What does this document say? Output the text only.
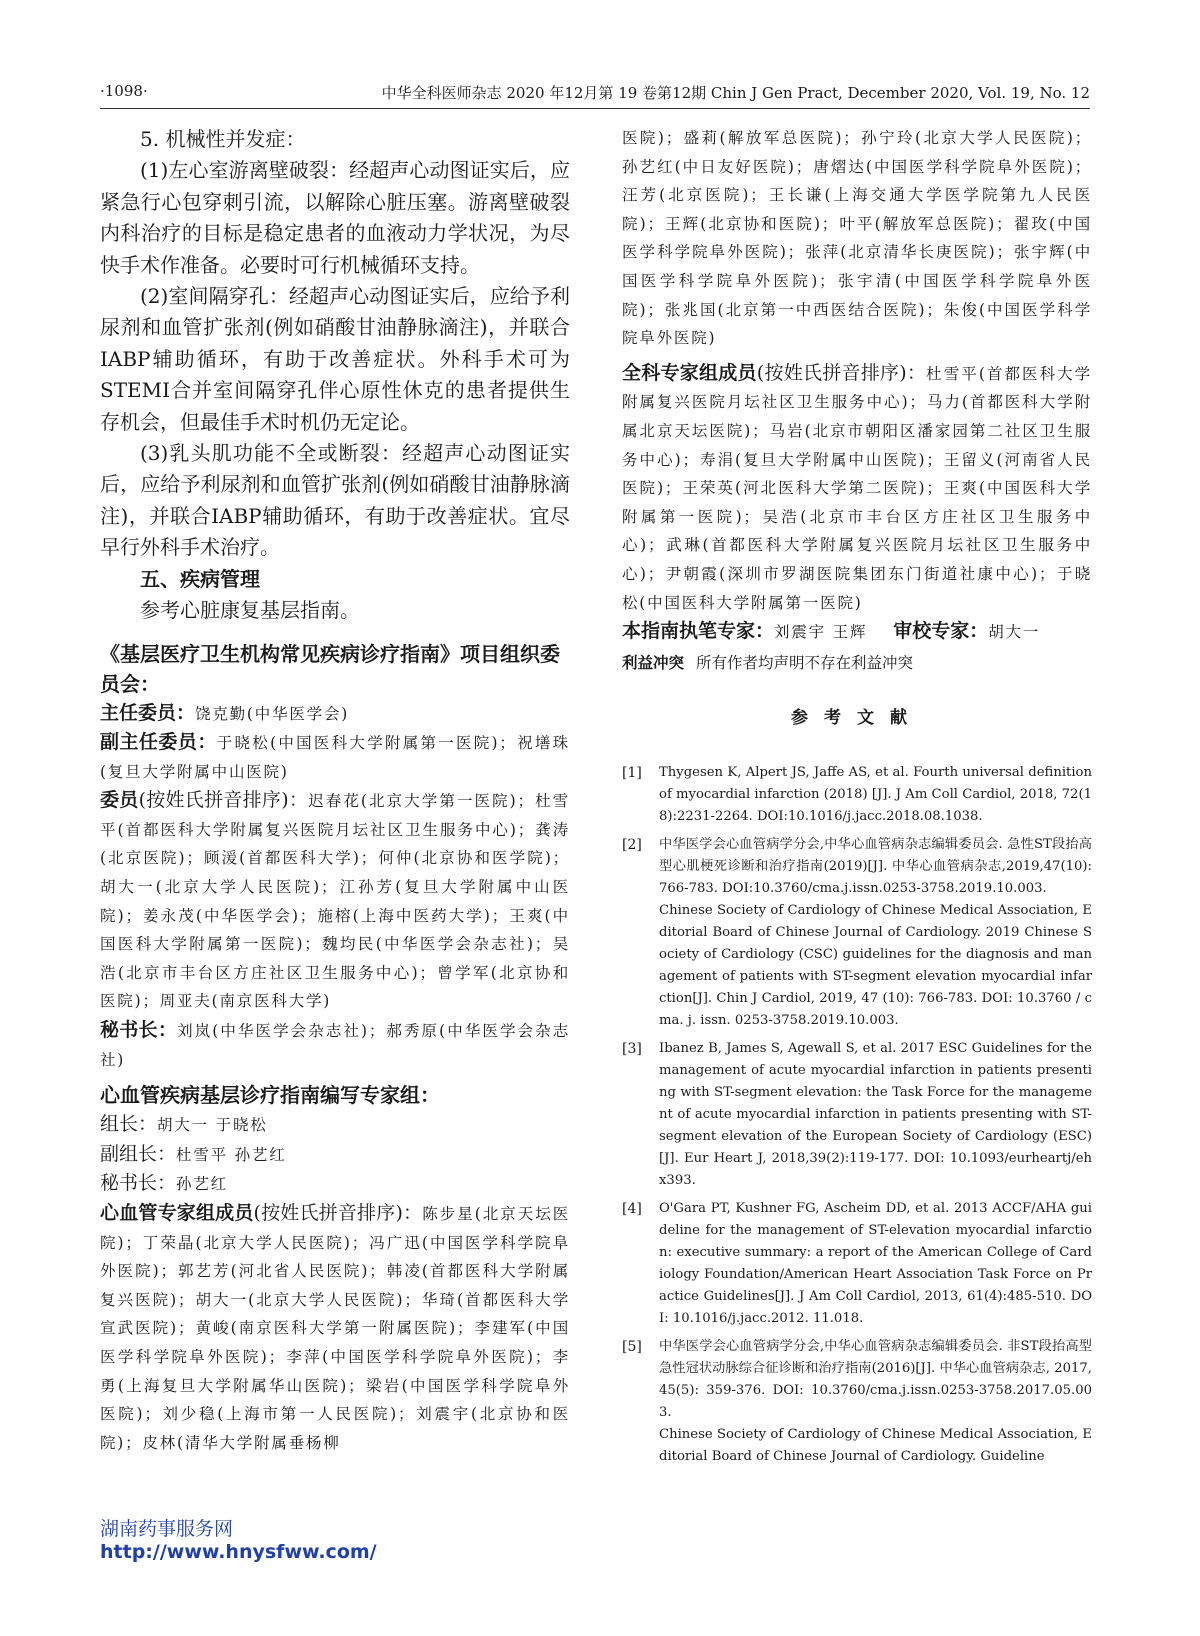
·1098·	中华全科医师杂志 2020 年12月第 19 卷第12期 Chin J Gen Pract, December 2020, Vol. 19, No. 12

5. 机械性并发症：

(1)左心室游离壁破裂：经超声心动图证实后，应紧急行心包穿刺引流，以解除心脏压塞。游离壁破裂内科治疗的目标是稳定患者的血液动力学状况，为尽快手术作准备。必要时可行机械循环支持。

(2)室间隔穿孔：经超声心动图证实后，应给予利尿剂和血管扩张剂(例如硝酸甘油静脉滴注)，并联合IABP辅助循环，有助于改善症状。外科手术可为STEMI合并室间隔穿孔伴心原性休克的患者提供生存机会，但最佳手术时机仍无定论。

(3)乳头肌功能不全或断裂：经超声心动图证实后，应给予利尿剂和血管扩张剂(例如硝酸甘油静脉滴注)，并联合IABP辅助循环，有助于改善症状。宜尽早行外科手术治疗。

五、疾病管理

参考心脏康复基层指南。

《基层医疗卫生机构常见疾病诊疗指南》项目组织委员会：

主任委员：饶克勤(中华医学会)

副主任委员：于晓松(中国医科大学附属第一医院)；祝墡珠(复旦大学附属中山医院)

委员(按姓氏拼音排序)：迟春花(北京大学第一医院)；杜雪平(首都医科大学附属复兴医院月坛社区卫生服务中心)；龚涛(北京医院)；顾湲(首都医科大学)；何仲(北京协和医学院)；胡大一(北京大学人民医院)；江孙芳(复旦大学附属中山医院)；姜永茂(中华医学会)；施榕(上海中医药大学)；王爽(中国医科大学附属第一医院)；魏均民(中华医学会杂志社)；吴浩(北京市丰台区方庄社区卫生服务中心)；曾学军(北京协和医院)；周亚夫(南京医科大学)

秘书长：刘岚(中华医学会杂志社)；郝秀原(中华医学会杂志社)

心血管疾病基层诊疗指南编写专家组：

组长：胡大一 于晓松

副组长：杜雪平 孙艺红

秘书长：孙艺红

心血管专家组成员(按姓氏拼音排序)：陈步星(北京天坛医院)；丁荣晶(北京大学人民医院)；冯广迅(中国医学科学院阜外医院)；郭艺芳(河北省人民医院)；韩凌(首都医科大学附属复兴医院)；胡大一(北京大学人民医院)；华琦(首都医科大学宣武医院)；黄峻(南京医科大学第一附属医院)；李建军(中国医学科学院阜外医院)；李萍(中国医学科学院阜外医院)；李勇(上海复旦大学附属华山医院)；梁岩(中国医学科学院阜外医院)；刘少稳(上海市第一人民医院)；刘震宇(北京协和医院)；皮林(清华大学附属垂杨柳

医院)；盛莉(解放军总医院)；孙宁玲(北京大学人民医院)；孙艺红(中日友好医院)；唐熠达(中国医学科学院阜外医院)；汪芳(北京医院)；王长谦(上海交通大学医学院第九人民医院)；王辉(北京协和医院)；叶平(解放军总医院)；翟玫(中国医学科学院阜外医院)；张萍(北京清华长庚医院)；张宇辉(中国医学科学院阜外医院)；张宇清(中国医学科学院阜外医院)；张兆国(北京第一中西医结合医院)；朱俊(中国医学科学院阜外医院)

全科专家组成员(按姓氏拼音排序)：杜雪平(首都医科大学附属复兴医院月坛社区卫生服务中心)；马力(首都医科大学附属北京天坛医院)；马岩(北京市朝阳区潘家园第二社区卫生服务中心)；寿涓(复旦大学附属中山医院)；王留义(河南省人民医院)；王荣英(河北医科大学第二医院)；王爽(中国医科大学附属第一医院)；吴浩(北京市丰台区方庄社区卫生服务中心)；武琳(首都医科大学附属复兴医院月坛社区卫生服务中心)；尹朝霞(深圳市罗湖医院集团东门街道社康中心)；于晓松(中国医科大学附属第一医院)

本指南执笔专家：刘震宇 王辉 审校专家：胡大一

利益冲突 所有作者均声明不存在利益冲突

参考文献

[1] Thygesen K, Alpert JS, Jaffe AS, et al. Fourth universal definition of myocardial infarction (2018) [J]. J Am Coll Cardiol, 2018, 72(18):2231-2264. DOI:10.1016/j.jacc.2018.08.1038.
[2] 中华医学会心血管病学分会,中华心血管病杂志编辑委员会. 急性ST段抬高型心肌梗死诊断和治疗指南(2019)[J]. 中华心血管病杂志,2019,47(10): 766-783. DOI:10.3760/cma.j.issn.0253-3758.2019.10.003.
Chinese Society of Cardiology of Chinese Medical Association, Editorial Board of Chinese Journal of Cardiology. 2019 Chinese Society of Cardiology (CSC) guidelines for the diagnosis and management of patients with ST-segment elevation myocardial infarction[J]. Chin J Cardiol, 2019, 47 (10): 766-783. DOI: 10.3760 / cma. j. issn. 0253-3758.2019.10.003.
[3] Ibanez B, James S, Agewall S, et al. 2017 ESC Guidelines for the management of acute myocardial infarction in patients presenting with ST-segment elevation: the Task Force for the management of acute myocardial infarction in patients presenting with ST-segment elevation of the European Society of Cardiology (ESC)[J]. Eur Heart J, 2018,39(2):119-177. DOI: 10.1093/eurheartj/ehx393.
[4] O'Gara PT, Kushner FG, Ascheim DD, et al. 2013 ACCF/AHA guideline for the management of ST-elevation myocardial infarction: executive summary: a report of the American College of Cardiology Foundation/American Heart Association Task Force on Practice Guidelines[J]. J Am Coll Cardiol, 2013, 61(4):485-510. DOI: 10.1016/j.jacc.2012. 11.018.
[5] 中华医学会心血管病学分会,中华心血管病杂志编辑委员会. 非ST段抬高型急性冠状动脉综合征诊断和治疗指南(2016)[J]. 中华心血管病杂志, 2017, 45(5): 359-376. DOI: 10.3760/cma.j.issn.0253-3758.2017.05.003.
Chinese Society of Cardiology of Chinese Medical Association, Editorial Board of Chinese Journal of Cardiology. Guideline
湖南药事服务网
http://www.hnysfww.com/
